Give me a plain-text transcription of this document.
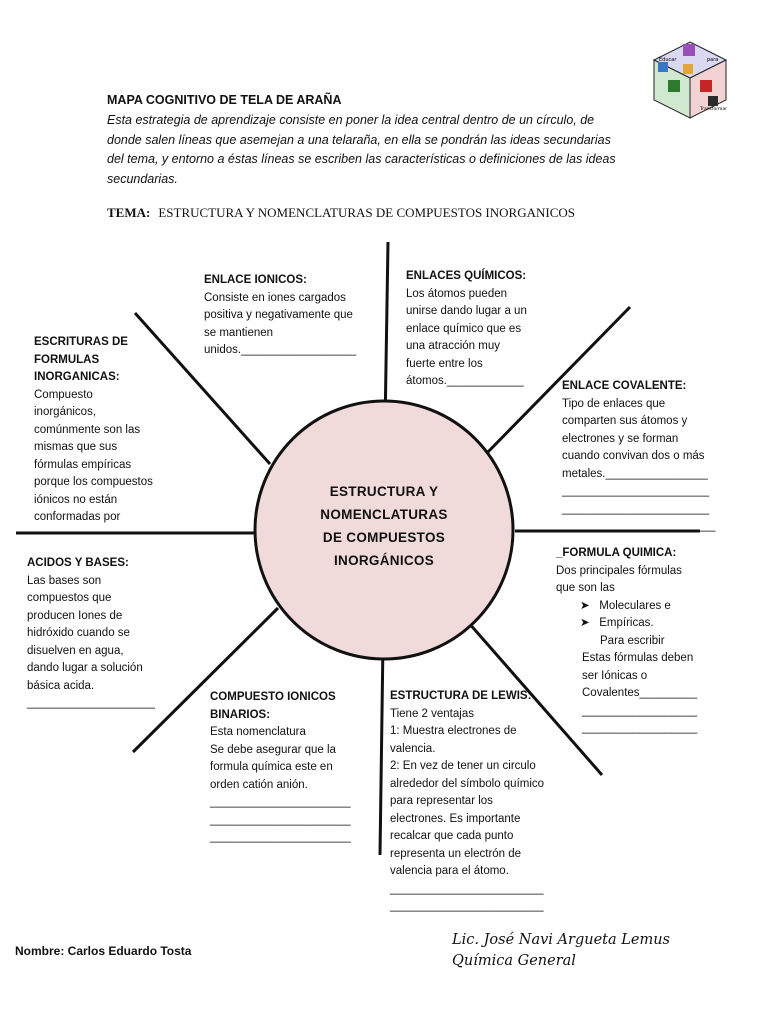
MAPA COGNITIVO DE TELA DE ARAÑA
Esta estrategia de aprendizaje consiste en poner la idea central dentro de un círculo, de
donde salen líneas que asemejan a una telaraña, en ella se pondrán las ideas secundarias
del tema, y entorno a éstas líneas se escriben las características o definiciones de las ideas
secundarias.
TEMA: ESTRUCTURA Y NOMENCLATURAS DE COMPUESTOS INORGANICOS
Educar	para
Transformar
ESTRUCTURA Y
NOMENCLATURAS
DE COMPUESTOS
INORGÁNICOS
ENLACE IONICOS:
Consiste en iones cargados
positiva y negativamente que
se mantienen
unidos.__________________
ENLACES QUÍMICOS:
Los átomos pueden
unirse dando lugar a un
enlace químico que es
una atracción muy
fuerte entre los
átomos.____________
ESCRITURAS DE
FORMULAS
INORGANICAS:
Compuesto
inorgánicos,
comúnmente son las
mismas que sus
fórmulas empíricas
porque los compuestos
iónicos no están
conformadas por
ENLACE COVALENTE:
Tipo de enlaces que
comparten sus átomos y
electrones y se forman
cuando convivan dos o más
metales.________________
_______________________
_______________________
________________________
ACIDOS Y BASES:
Las bases son
compuestos que
producen Iones de
hidróxido cuando se
disuelven en agua,
dando lugar a solución
básica acida.
____________________
_FORMULA QUIMICA:
Dos principales fórmulas
que son las
➤ Moleculares e
➤ Empíricas.
Para escribir
Estas fórmulas deben
ser Iónicas o
Covalentes_________
__________________
__________________
COMPUESTO IONICOS
BINARIOS:
Esta nomenclatura
Se debe asegurar que la
formula química este en
orden catión anión.
______________________
______________________
______________________
ESTRUCTURA DE LEWIS:
Tiene 2 ventajas
1: Muestra electrones de
valencia.
2: En vez de tener un circulo
alrededor del símbolo químico
para representar los
electrones. Es importante
recalcar que cada punto
representa un electrón de
valencia para el átomo.
________________________
________________________
Nombre: Carlos Eduardo Tosta
Lic. José Navi Argueta Lemus
Química General
